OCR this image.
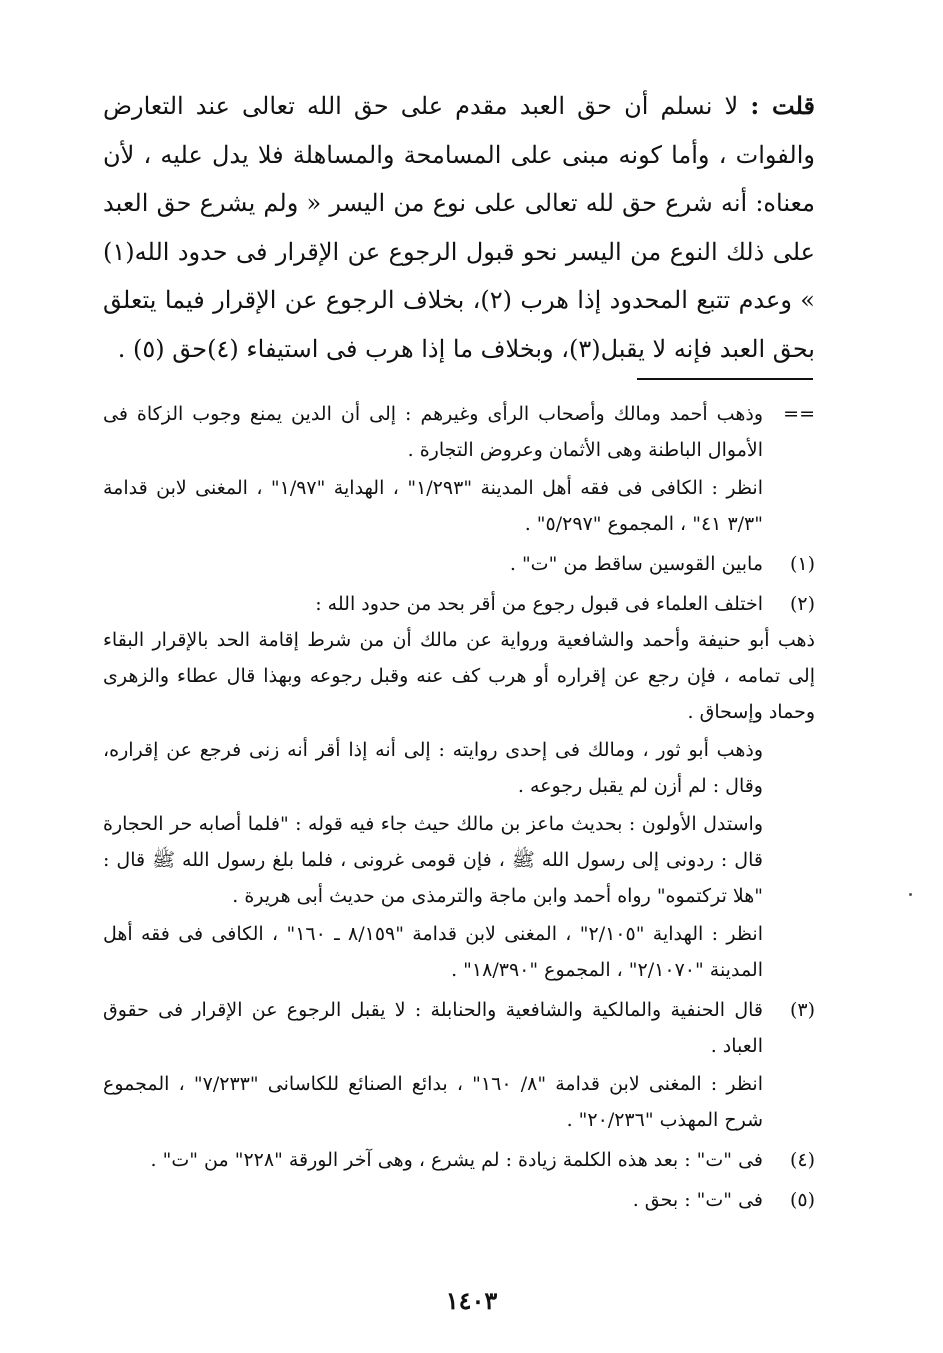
قلت : لا نسلم أن حق العبد مقدم على حق الله تعالى عند التعارض والفوات ، وأما كونه مبنى على المسامحة والمساهلة فلا يدل عليه ، لأن معناه: أنه شرع حق لله تعالى على نوع من اليسر « ولم يشرع حق العبد على ذلك النوع من اليسر نحو قبول الرجوع عن الإقرار فى حدود الله(١) » وعدم تتبع المحدود إذا هرب (٢)، بخلاف الرجوع عن الإقرار فيما يتعلق بحق العبد فإنه لا يقبل(٣)، وبخلاف ما إذا هرب فى استيفاء (٤)حق (٥) .
==
وذهب أحمد ومالك وأصحاب الرأى وغيرهم : إلى أن الدين يمنع وجوب الزكاة فى الأموال الباطنة وهى الأثمان وعروض التجارة .
انظر : الكافى فى فقه أهل المدينة "١/٢٩٣" ، الهداية "١/٩٧" ، المغنى لابن قدامة "٣/٣ ٤١" ، المجموع "٥/٢٩٧" .
(١)
مابين القوسين ساقط من "ت" .
(٢)
اختلف العلماء فى قبول رجوع من أقر بحد من حدود الله :
ذهب أبو حنيفة وأحمد والشافعية ورواية عن مالك أن من شرط إقامة الحد بالإقرار البقاء إلى تمامه ، فإن رجع عن إقراره أو هرب كف عنه وقبل رجوعه وبهذا قال عطاء والزهرى وحماد وإسحاق .
وذهب أبو ثور ، ومالك فى إحدى روايته : إلى أنه إذا أقر أنه زنى فرجع عن إقراره، وقال : لم أزن لم يقبل رجوعه .
واستدل الأولون : بحديث ماعز بن مالك حيث جاء فيه قوله : "فلما أصابه حر الحجارة قال : ردونى إلى رسول الله ﷺ ، فإن قومى غرونى ، فلما بلغ رسول الله ﷺ قال : "هلا تركتموه" رواه أحمد وابن ماجة والترمذى من حديث أبى هريرة .
انظر : الهداية "٢/١٠٥" ، المغنى لابن قدامة "٨/١٥٩ ـ ١٦٠" ، الكافى فى فقه أهل المدينة "٢/١٠٧٠" ، المجموع "١٨/٣٩٠" .
(٣)
قال الحنفية والمالكية والشافعية والحنابلة : لا يقبل الرجوع عن الإقرار فى حقوق العباد .
انظر : المغنى لابن قدامة "٨/ ١٦٠" ، بدائع الصنائع للكاسانى "٧/٢٣٣" ، المجموع شرح المهذب "٢٠/٢٣٦" .
(٤)
فى "ت" : بعد هذه الكلمة زيادة : لم يشرع ، وهى آخر الورقة "٢٢٨" من "ت" .
(٥)
فى "ت" : بحق .
١٤٠٣
